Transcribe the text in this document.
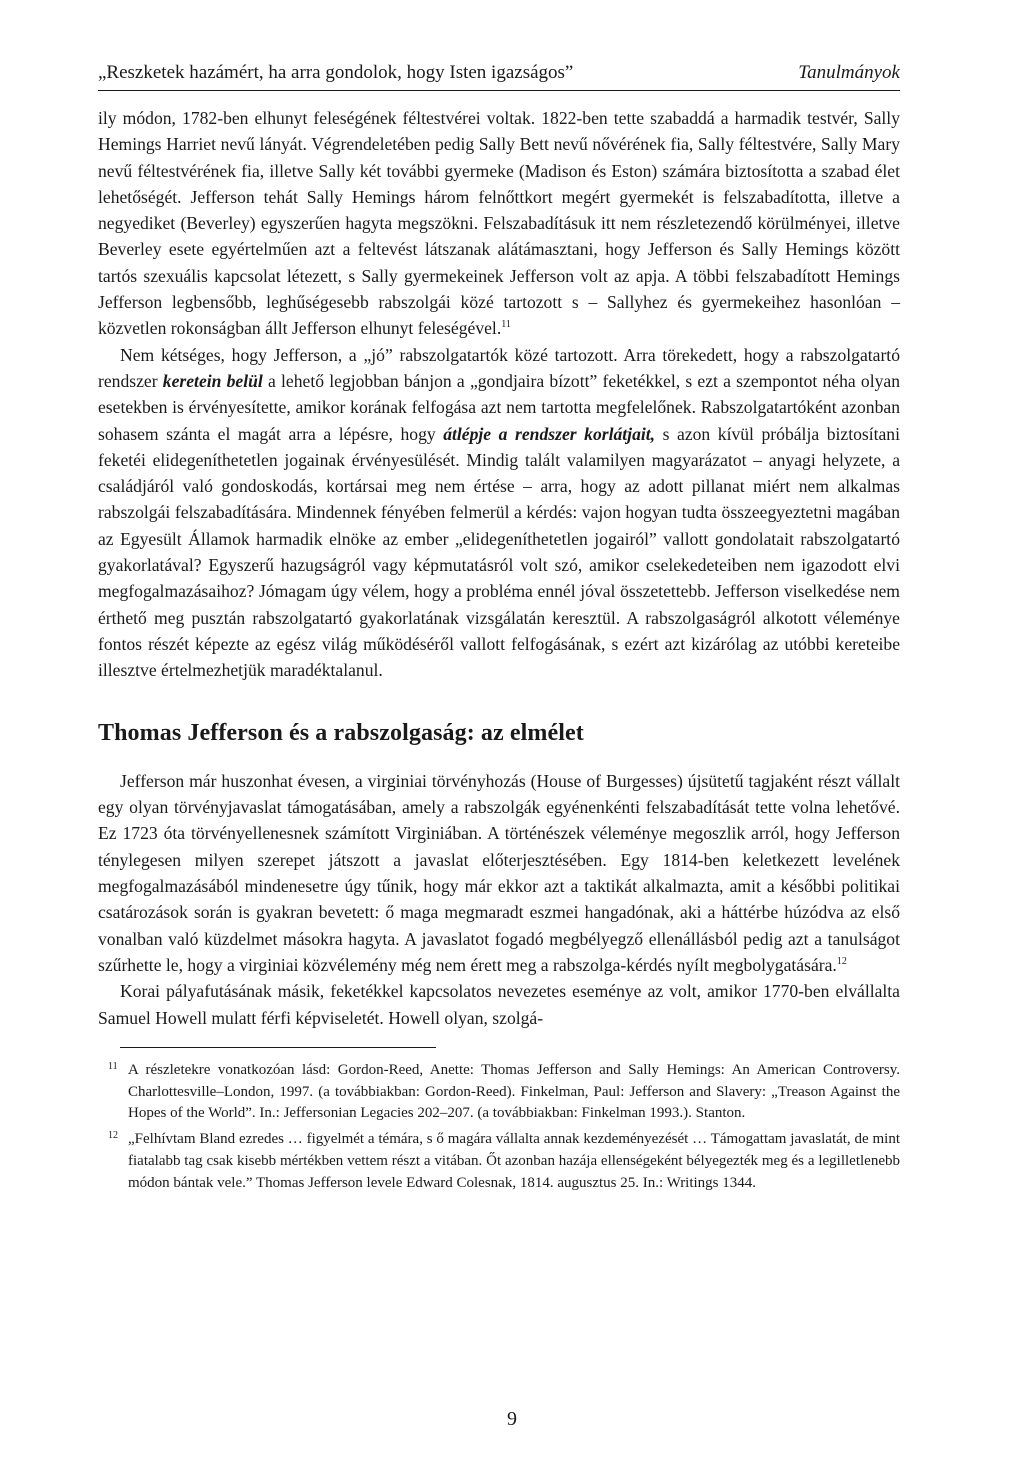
„Reszketek hazámért, ha arra gondolok, hogy Isten igazságos”	Tanulmányok

ily módon, 1782-ben elhunyt feleségének féltestvérei voltak. 1822-ben tette szabaddá a harmadik testvér, Sally Hemings Harriet nevű lányát. Végrendeletében pedig Sally Bett nevű nővérének fia, Sally féltestvére, Sally Mary nevű féltestvérének fia, illetve Sally két további gyermeke (Madison és Eston) számára biztosította a szabad élet lehetőségét. Jefferson tehát Sally Hemings három felnőttkort megért gyermekét is felszabadította, illetve a negyediket (Beverley) egyszerűen hagyta megszökni. Felszabadításuk itt nem részletezendő körülményei, illetve Beverley esete egyértelműen azt a feltevést látszanak alátámasztani, hogy Jefferson és Sally Hemings között tartós szexuális kapcsolat létezett, s Sally gyermekeinek Jefferson volt az apja. A többi felszabadított Hemings Jefferson legbensőbb, leghűségesebb rabszolgái közé tartozott s – Sallyhez és gyermekeihez hasonlóan – közvetlen rokonságban állt Jefferson elhunyt feleségével.$^{11}$

Nem kétséges, hogy Jefferson, a „jó” rabszolgatartók közé tartozott. Arra törekedett, hogy a rabszolgatartó rendszer keretein belül a lehető legjobban bánjon a „gondjaira bízott” feketékkel, s ezt a szempontot néha olyan esetekben is érvényesítette, amikor korának felfogása azt nem tartotta megfelelőnek. Rabszolgatartóként azonban sohasem szánta el magát arra a lépésre, hogy átlépje a rendszer korlátjait, s azon kívül próbálja biztosítani feketéi elidegeníthetetlen jogainak érvényesülését. Mindig talált valamilyen magyarázatot – anyagi helyzete, a családjáról való gondoskodás, kortársai meg nem értése – arra, hogy az adott pillanat miért nem alkalmas rabszolgái felszabadítására. Mindennek fényében felmerül a kérdés: vajon hogyan tudta összeegyeztetni magában az Egyesült Államok harmadik elnöke az ember „elidegeníthetetlen jogairól” vallott gondolatait rabszolgatartó gyakorlatával? Egyszerű hazugságról vagy képmutatásról volt szó, amikor cselekedeteiben nem igazodott elvi megfogalmazásaihoz? Jómagam úgy vélem, hogy a probléma ennél jóval összetettebb. Jefferson viselkedése nem érthető meg pusztán rabszolgatartó gyakorlatának vizsgálatán keresztül. A rabszolgaságról alkotott véleménye fontos részét képezte az egész világ működéséről vallott felfogásának, s ezért azt kizárólag az utóbbi kereteibe illesztve értelmezhetjük maradéktalanul.

Thomas Jefferson és a rabszolgaság: az elmélet

Jefferson már huszonhat évesen, a virginiai törvényhozás (House of Burgesses) újsütetű tagjaként részt vállalt egy olyan törvényjavaslat támogatásában, amely a rabszolgák egyénenkénti felszabadítását tette volna lehetővé. Ez 1723 óta törvényellenesnek számított Virginiában. A történészek véleménye megoszlik arról, hogy Jefferson ténylegesen milyen szerepet játszott a javaslat előterjesztésében. Egy 1814-ben keletkezett levelének megfogalmazásából mindenesetre úgy tűnik, hogy már ekkor azt a taktikát alkalmazta, amit a későbbi politikai csatározások során is gyakran bevetett: ő maga megmaradt eszmei hangadónak, aki a háttérbe húzódva az első vonalban való küzdelmet másokra hagyta. A javaslatot fogadó megbélyegző ellenállásból pedig azt a tanulságot szűrhette le, hogy a virginiai közvélemény még nem érett meg a rabszolga-kérdés nyílt megbolygatására.$^{12}$

Korai pályafutásának másik, feketékkel kapcsolatos nevezetes eseménye az volt, amikor 1770-ben elvállalta Samuel Howell mulatt férfi képviseletét. Howell olyan, szolgá-

11 A részletekre vonatkozóan lásd: Gordon-Reed, Anette: Thomas Jefferson and Sally Hemings: An American Controversy. Charlottesville–London, 1997. (a továbbiakban: Gordon-Reed). Finkelman, Paul: Jefferson and Slavery: „Treason Against the Hopes of the World”. In.: Jeffersonian Legacies 202–207. (a továbbiakban: Finkelman 1993.). Stanton.
12 „Felhívtam Bland ezredes … figyelmét a témára, s ő magára vállalta annak kezdeményezését … Támogattam javaslatát, de mint fiatalabb tag csak kisebb mértékben vettem részt a vitában. Őt azonban hazája ellenségeként bélyegezték meg és a legilletlenebb módon bántak vele.” Thomas Jefferson levele Edward Colesnak, 1814. augusztus 25. In.: Writings 1344.
9
